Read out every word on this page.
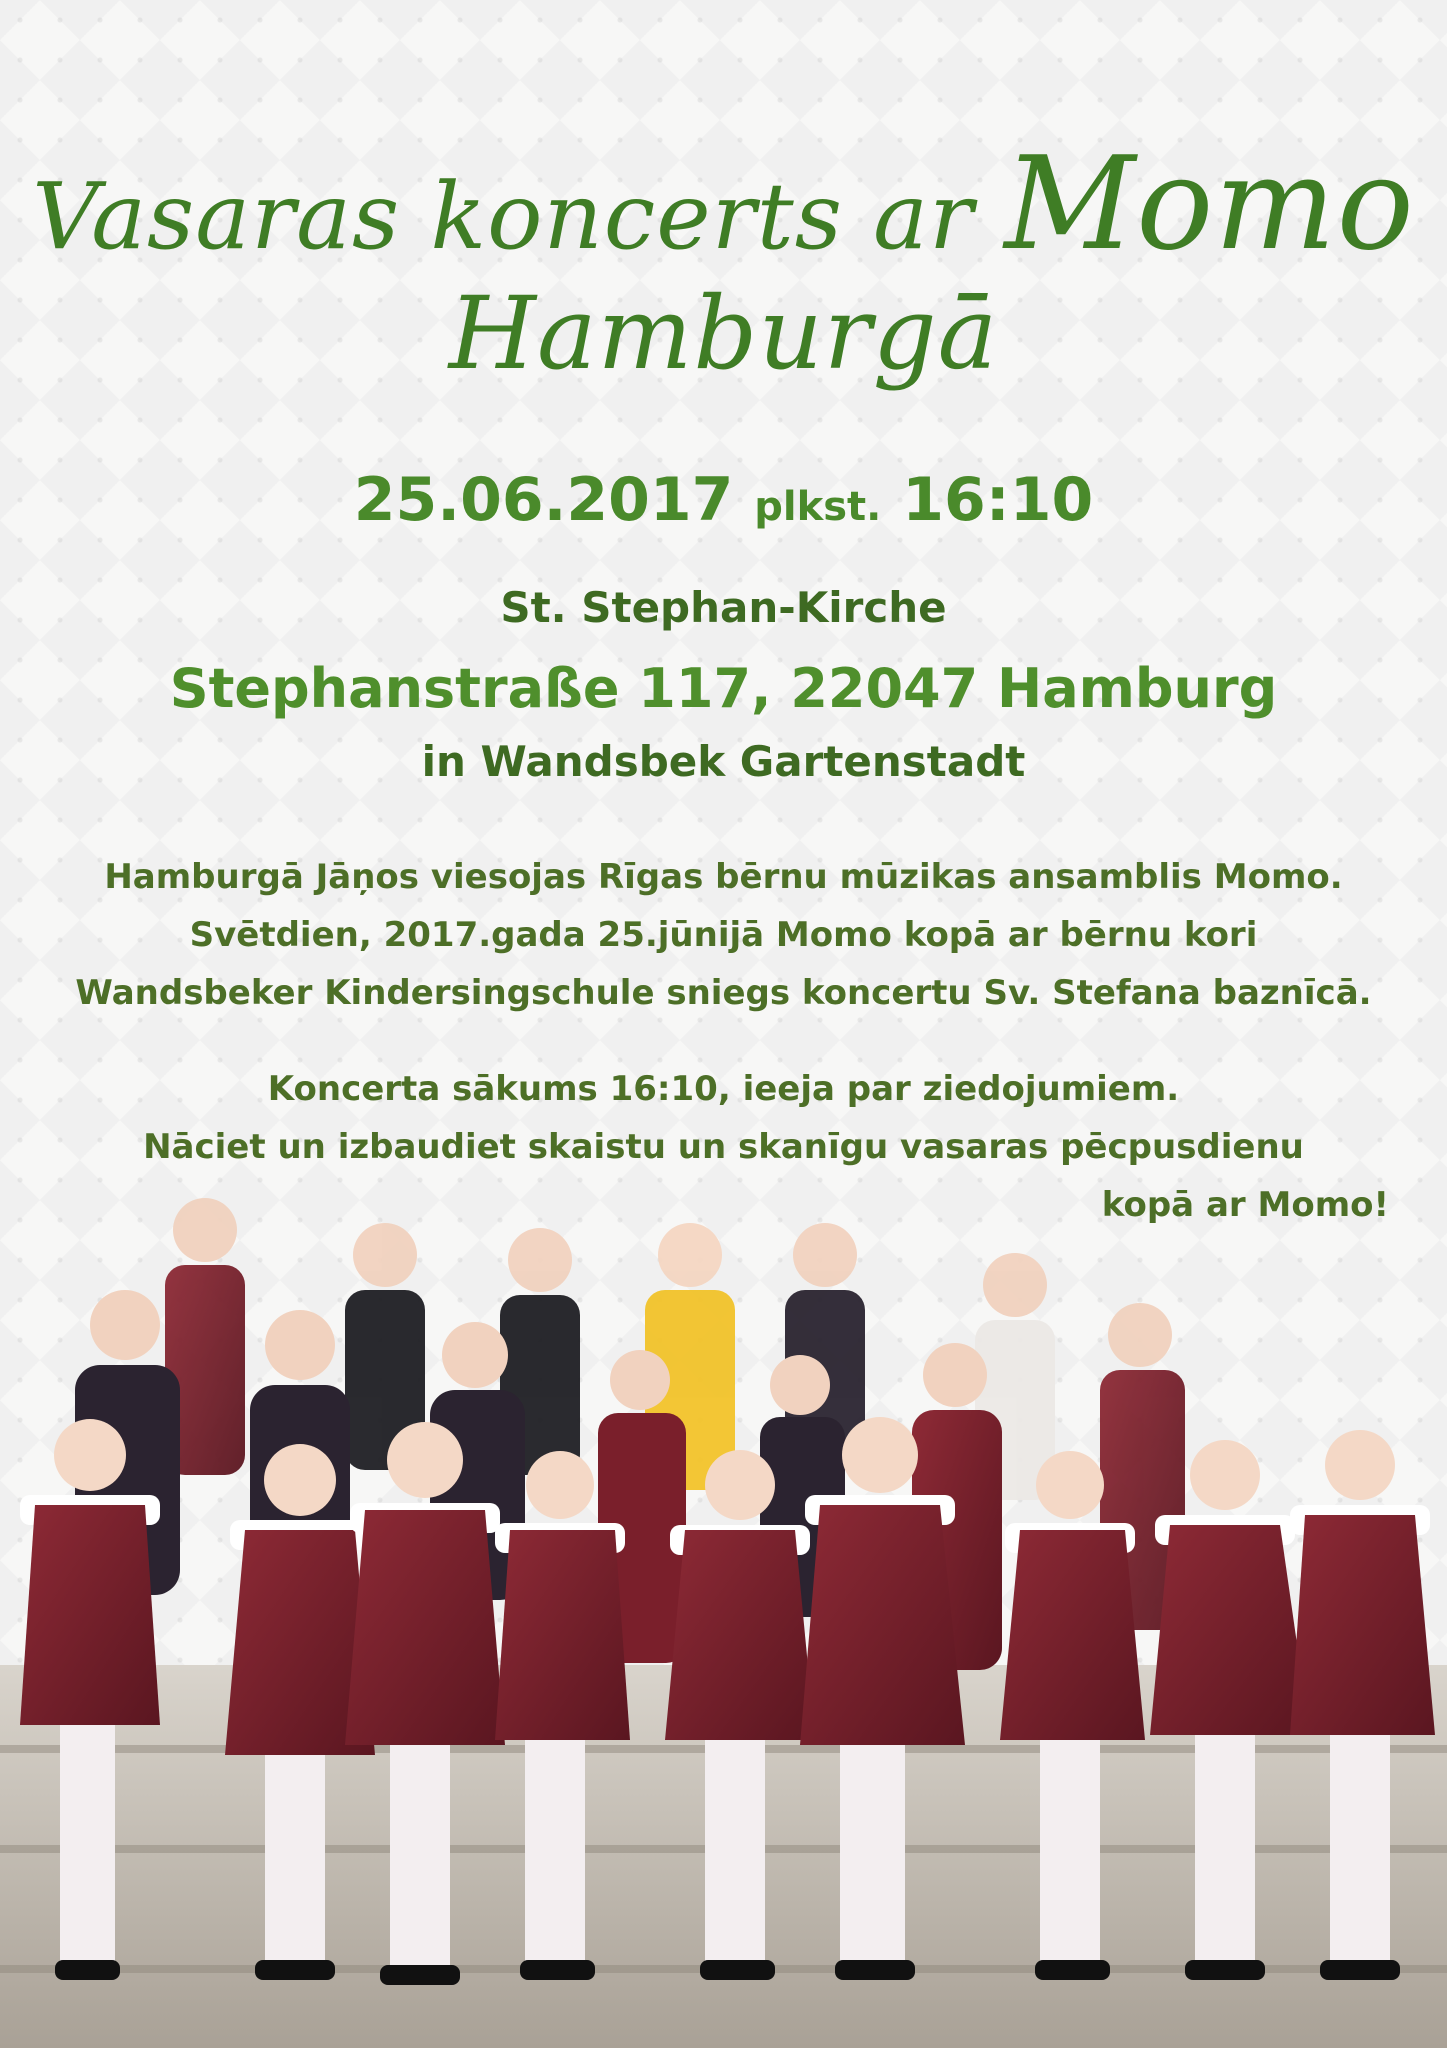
Vasaras koncerts ar Momo
Hamburgā
25.06.2017 plkst. 16:10
St. Stephan-Kirche
Stephanstraße 117, 22047 Hamburg
in Wandsbek Gartenstadt
Hamburgā Jāņos viesojas Rīgas bērnu mūzikas ansamblis Momo.
Svētdien, 2017.gada 25.jūnijā Momo kopā ar bērnu kori
Wandsbeker Kindersingschule sniegs koncertu Sv. Stefana baznīcā.
Koncerta sākums 16:10, ieeja par ziedojumiem.
Nāciet un izbaudiet skaistu un skanīgu vasaras pēcpusdienu
kopā ar Momo!
